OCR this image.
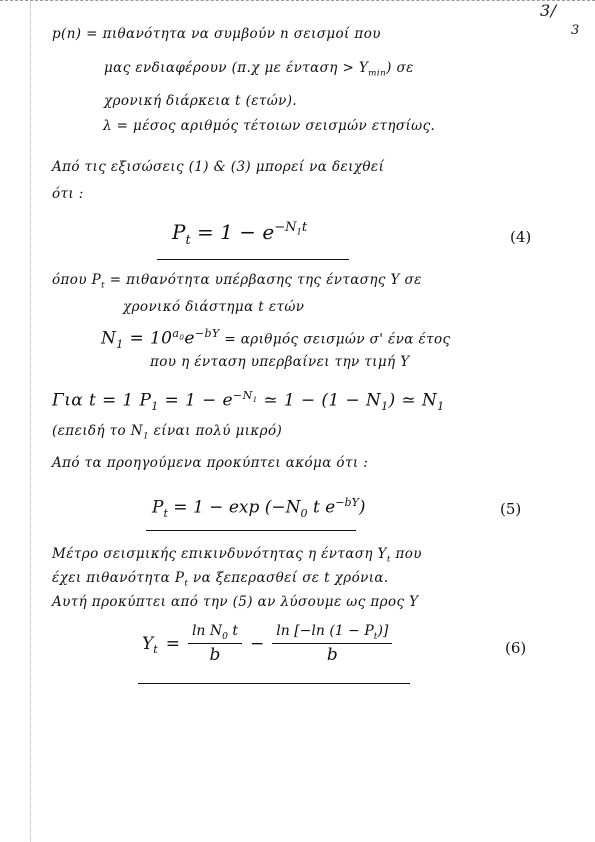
3/
3
p(n) = πιθανότητα να συμβούν n σεισμοί που
μας ενδιαφέρουν (π.χ με $έ\nu\tau\alpha\sigma\eta > Y_{min}$) σε
χρονική διάρκεια t (ετών).
λ = μέσος αριθμός τέτοιων σεισμών ετησίως.
Από τις εξισώσεις (1) & (3) μπορεί να δειχθεί
ότι :
$P_t = 1 - e^{-N_1t}$
(4)
όπου $P_t = \pi\iota\theta\alpha\nu ό\tau\eta\tau\alpha$ υπέρβασης της έντασης Y σε
χρονικό διάστημα t ετών
$N_1 = 10^{a_0}e^{-bY} = \alpha\rho\iota\theta\mu ό\varsigma$ σεισμών σ' ένα έτος
που η ένταση υπερβαίνει την τιμή Y
Για t = 1 $P_1 = 1 - e^{-N_1}$ ≃ $1 - (1 - N_1)$ ≃ $N_1$
(επειδή το $N_1$ είναι πολύ μικρό)
Από τα προηγούμενα προκύπτει ακόμα ότι :
$P_t = 1 - \exp (-N_0$ t $e^{-bY}$)	(5)
Μέτρο σεισμικής επικινδυνότητας η ένταση $Y_t$ που
έχει πιθανότητα $P_t$ να ξεπερασθεί σε t χρόνια.
Αυτή προκύπτει από την (5) αν λύσουμε ως προς Y
$Y_t = \frac{\ln N_0 t}{b} - \frac{\ln [-\ln (1 - P_t)]}{b}$	(6)
